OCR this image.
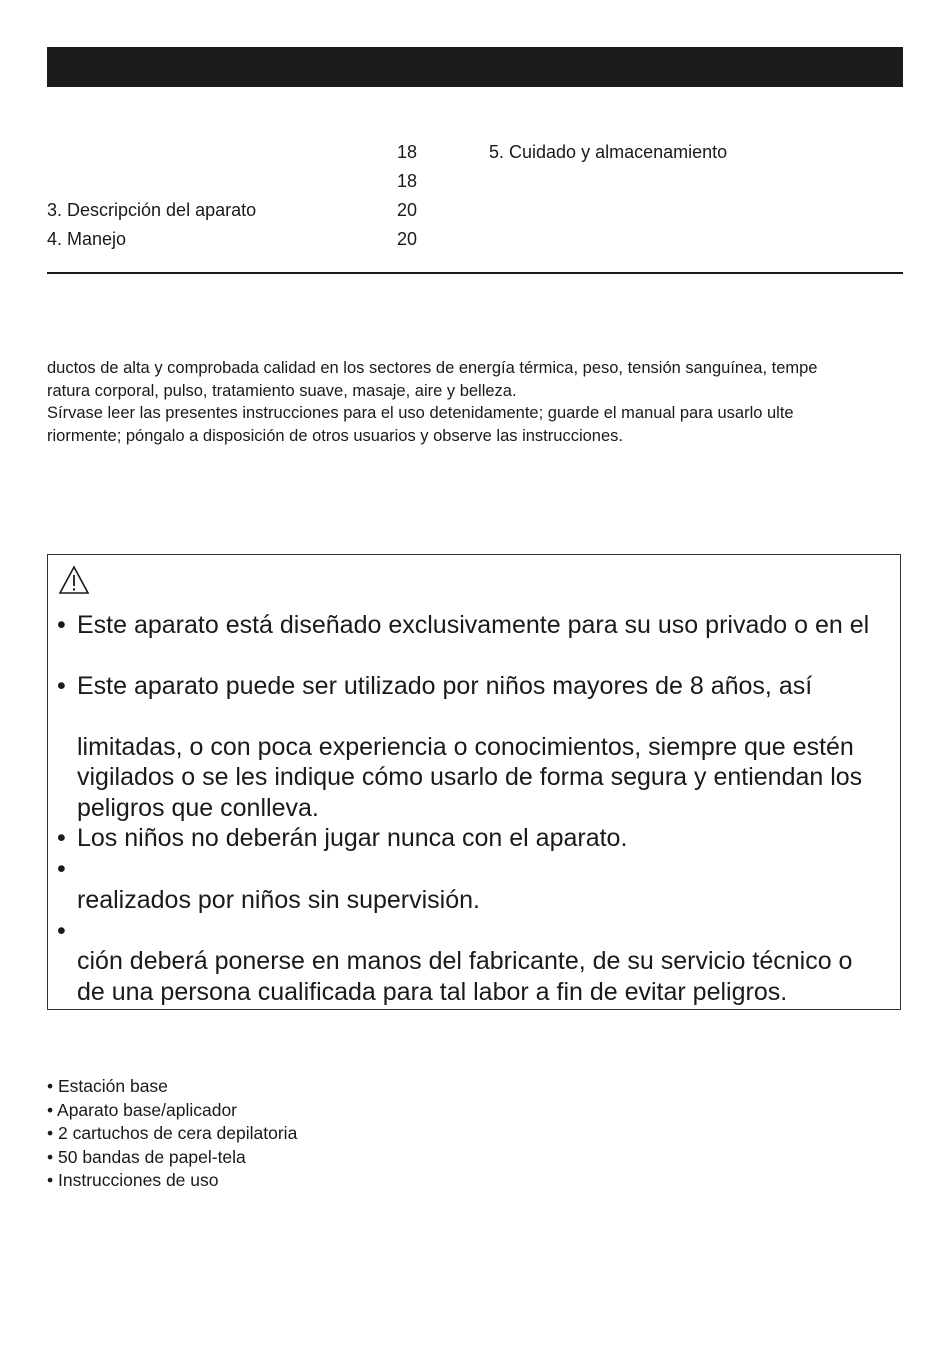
18
18
3. Descripción del aparato	20
4. Manejo	20
5. Cuidado y almacenamiento

ductos de alta y comprobada calidad en los sectores de energía térmica, peso, tensión sanguínea, tempe

ratura corporal, pulso, tratamiento suave, masaje, aire y belleza.

Sírvase leer las presentes instrucciones para el uso detenidamente; guarde el manual para usarlo ulte

riormente; póngalo a disposición de otros usuarios y observe las instrucciones.

• Este aparato está diseñado exclusivamente para su uso privado o en el
• Este aparato puede ser utilizado por niños mayores de 8 años, así
limitadas, o con poca experiencia o conocimientos, siempre que estén
vigilados o se les indique cómo usarlo de forma segura y entiendan los
peligros que conlleva.
• Los niños no deberán jugar nunca con el aparato.
•
realizados por niños sin supervisión.
•
ción deberá ponerse en manos del fabricante, de su servicio técnico o
de una persona cualificada para tal labor a fin de evitar peligros.
• Estación base
• Aparato base/aplicador
• 2 cartuchos de cera depilatoria
• 50 bandas de papel-tela
• Instrucciones de uso
